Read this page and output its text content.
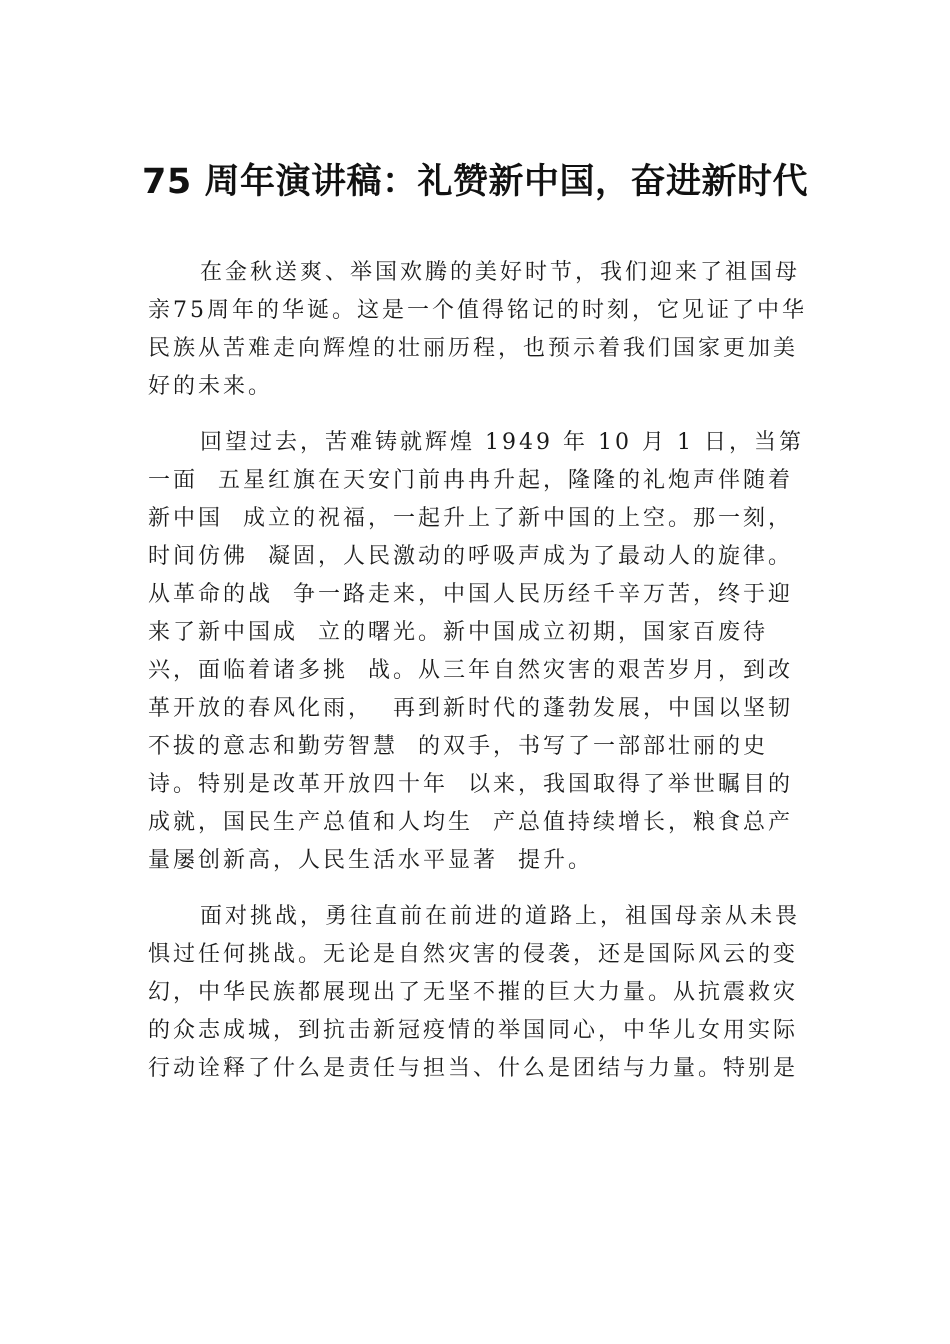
75 周年演讲稿：礼赞新中国，奋进新时代

在金秋送爽、举国欢腾的美好时节，我们迎来了祖国母  亲75周年的华诞。这是一个值得铭记的时刻，它见证了中华  民族从苦难走向辉煌的壮丽历程，也预示着我们国家更加美  好的未来。

回望过去，苦难铸就辉煌 1949 年 10 月 1 日，当第一面  五星红旗在天安门前冉冉升起，隆隆的礼炮声伴随着新中国  成立的祝福，一起升上了新中国的上空。那一刻，时间仿佛  凝固，人民激动的呼吸声成为了最动人的旋律。从革命的战  争一路走来，中国人民历经千辛万苦，终于迎来了新中国成  立的曙光。新中国成立初期，国家百废待兴，面临着诸多挑  战。从三年自然灾害的艰苦岁月，到改革开放的春风化雨，  再到新时代的蓬勃发展，中国以坚韧不拔的意志和勤劳智慧  的双手，书写了一部部壮丽的史诗。特别是改革开放四十年  以来，我国取得了举世瞩目的成就，国民生产总值和人均生  产总值持续增长，粮食总产量屡创新高，人民生活水平显著  提升。

面对挑战，勇往直前在前进的道路上，祖国母亲从未畏  惧过任何挑战。无论是自然灾害的侵袭，还是国际风云的变  幻，中华民族都展现出了无坚不摧的巨大力量。从抗震救灾  的众志成城，到抗击新冠疫情的举国同心，中华儿女用实际  行动诠释了什么是责任与担当、什么是团结与力量。特别是
